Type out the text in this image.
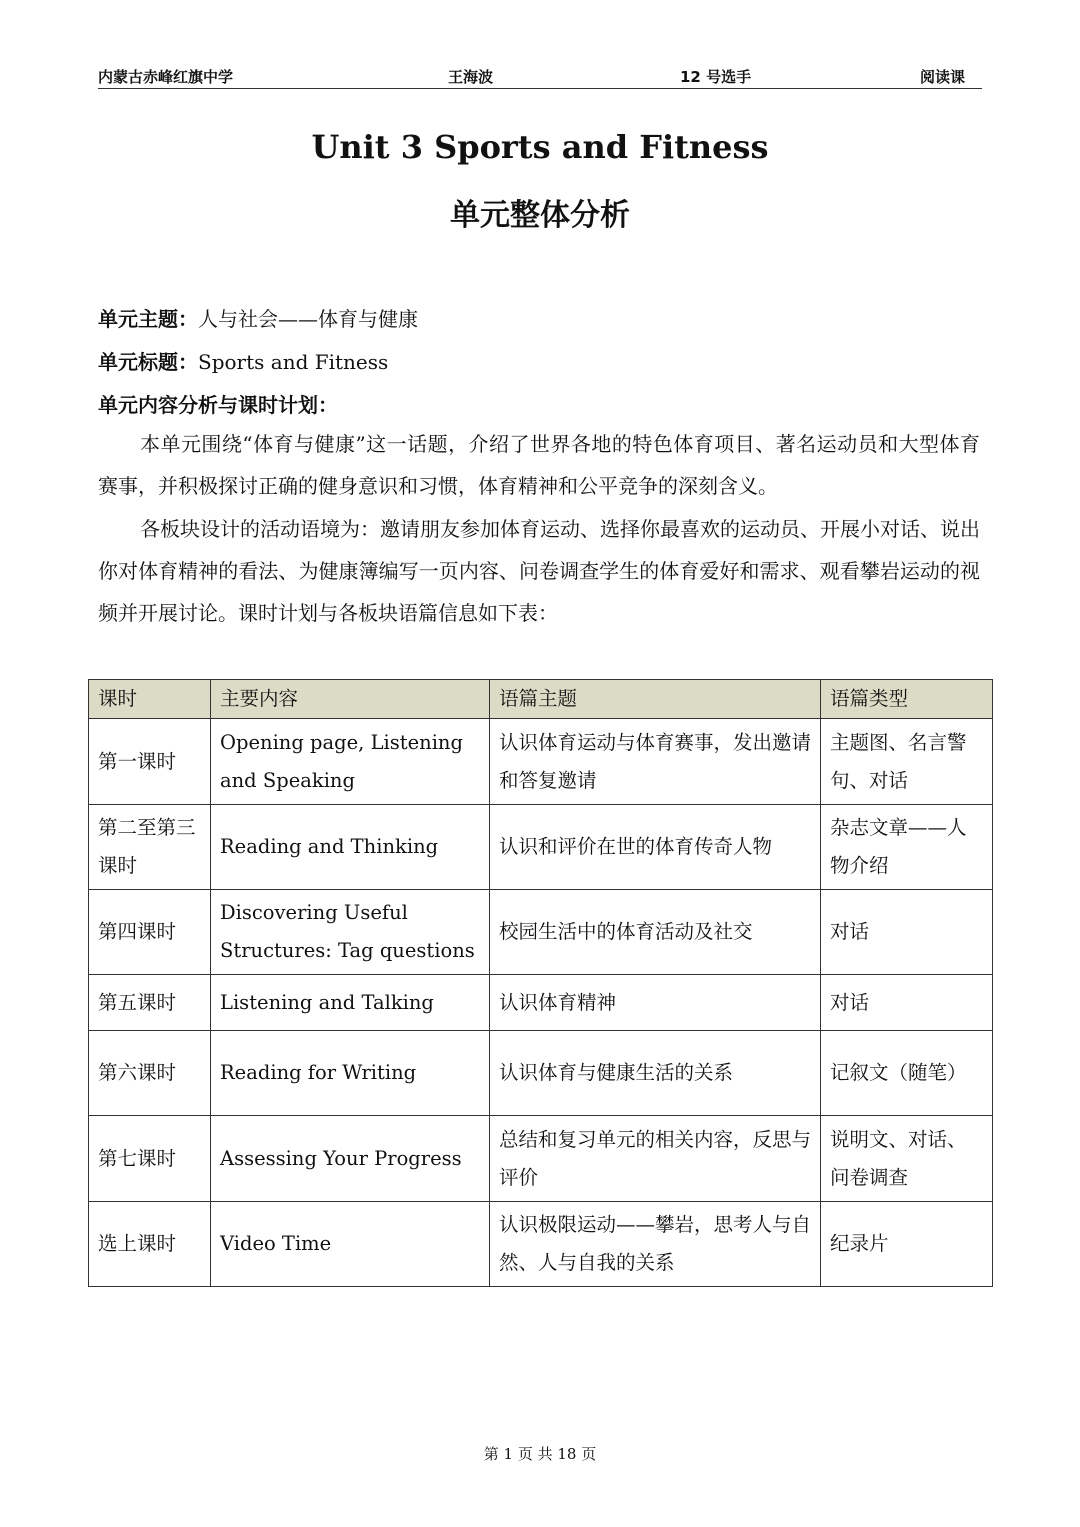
内蒙古赤峰红旗中学	王海波	12 号选手	阅读课
Unit 3 Sports and Fitness
单元整体分析
单元主题：人与社会——体育与健康
单元标题：Sports and Fitness
单元内容分析与课时计划：

本单元围绕“体育与健康”这一话题，介绍了世界各地的特色体育项目、著名运动员和大型体育赛事，并积极探讨正确的健身意识和习惯，体育精神和公平竞争的深刻含义。

各板块设计的活动语境为：邀请朋友参加体育运动、选择你最喜欢的运动员、开展小对话、说出你对体育精神的看法、为健康簿编写一页内容、问卷调查学生的体育爱好和需求、观看攀岩运动的视频并开展讨论。课时计划与各板块语篇信息如下表：

课时	主要内容	语篇主题	语篇类型
第一课时	Opening page, Listening and Speaking	认识体育运动与体育赛事，发出邀请和答复邀请	主题图、名言警句、对话
第二至第三课时	Reading and Thinking	认识和评价在世的体育传奇人物	杂志文章——人物介绍
第四课时	Discovering Useful Structures: Tag questions	校园生活中的体育活动及社交	对话
第五课时	Listening and Talking	认识体育精神	对话
第六课时	Reading for Writing	认识体育与健康生活的关系	记叙文（随笔）
第七课时	Assessing Your Progress	总结和复习单元的相关内容，反思与评价	说明文、对话、问卷调查
选上课时	Video Time	认识极限运动——攀岩，思考人与自然、人与自我的关系	纪录片
第 1 页 共 18 页
